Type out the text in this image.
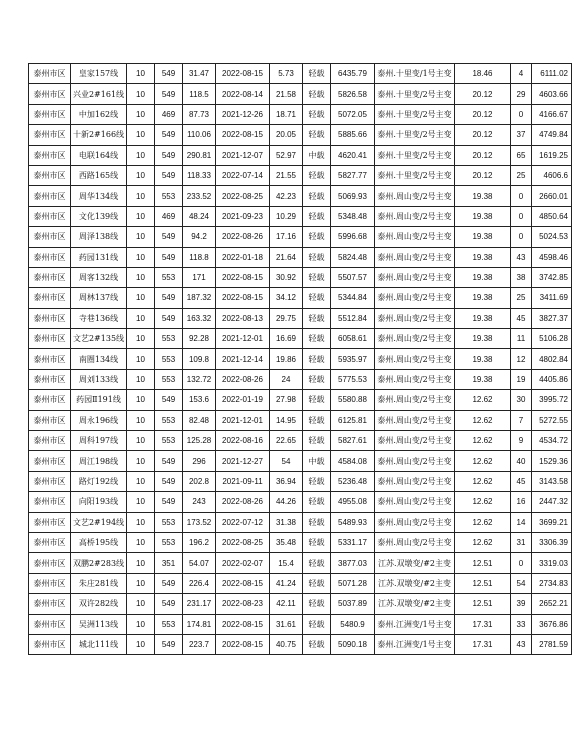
泰州市区	皇家157线	10	549	31.47	2022-08-15	5.73	轻载	6435.79	泰州.十里变/1号主变	18.46	4	6111.02
泰州市区	兴业2#161线	10	549	118.5	2022-08-14	21.58	轻载	5826.58	泰州.十里变/2号主变	20.12	29	4603.66
泰州市区	中加162线	10	469	87.73	2021-12-26	18.71	轻载	5072.05	泰州.十里变/2号主变	20.12	0	4166.67
泰州市区	十新2#166线	10	549	110.06	2022-08-15	20.05	轻载	5885.66	泰州.十里变/2号主变	20.12	37	4749.84
泰州市区	电联164线	10	549	290.81	2021-12-07	52.97	中载	4620.41	泰州.十里变/2号主变	20.12	65	1619.25
泰州市区	西路165线	10	549	118.33	2022-07-14	21.55	轻载	5827.77	泰州.十里变/2号主变	20.12	25	4606.6
泰州市区	周华134线	10	553	233.52	2022-08-25	42.23	轻载	5069.93	泰州.周山变/2号主变	19.38	0	2660.01
泰州市区	文化139线	10	469	48.24	2021-09-23	10.29	轻载	5348.48	泰州.周山变/2号主变	19.38	0	4850.64
泰州市区	周泽138线	10	549	94.2	2022-08-26	17.16	轻载	5996.68	泰州.周山变/2号主变	19.38	0	5024.53
泰州市区	药园131线	10	549	118.8	2022-01-18	21.64	轻载	5824.48	泰州.周山变/2号主变	19.38	43	4598.46
泰州市区	周客132线	10	553	171	2022-08-15	30.92	轻载	5507.57	泰州.周山变/2号主变	19.38	38	3742.85
泰州市区	周林137线	10	549	187.32	2022-08-15	34.12	轻载	5344.84	泰州.周山变/2号主变	19.38	25	3411.69
泰州市区	寺巷136线	10	549	163.32	2022-08-13	29.75	轻载	5512.84	泰州.周山变/2号主变	19.38	45	3827.37
泰州市区	文艺2#135线	10	553	92.28	2021-12-01	16.69	轻载	6058.61	泰州.周山变/2号主变	19.38	11	5106.28
泰州市区	南圈134线	10	553	109.8	2021-12-14	19.86	轻载	5935.97	泰州.周山变/2号主变	19.38	12	4802.84
泰州市区	周刘133线	10	553	132.72	2022-08-26	24	轻载	5775.53	泰州.周山变/2号主变	19.38	19	4405.86
泰州市区	药园Ⅱ191线	10	549	153.6	2022-01-19	27.98	轻载	5580.88	泰州.周山变/2号主变	12.62	30	3995.72
泰州市区	周永196线	10	553	82.48	2021-12-01	14.95	轻载	6125.81	泰州.周山变/2号主变	12.62	7	5272.55
泰州市区	周科197线	10	553	125.28	2022-08-16	22.65	轻载	5827.61	泰州.周山变/2号主变	12.62	9	4534.72
泰州市区	周江198线	10	549	296	2021-12-27	54	中载	4584.08	泰州.周山变/2号主变	12.62	40	1529.36
泰州市区	路灯192线	10	549	202.8	2021-09-11	36.94	轻载	5236.48	泰州.周山变/2号主变	12.62	45	3143.58
泰州市区	向阳193线	10	549	243	2022-08-26	44.26	轻载	4955.08	泰州.周山变/2号主变	12.62	16	2447.32
泰州市区	文艺2#194线	10	553	173.52	2022-07-12	31.38	轻载	5489.93	泰州.周山变/2号主变	12.62	14	3699.21
泰州市区	高桥195线	10	553	196.2	2022-08-25	35.48	轻载	5331.17	泰州.周山变/2号主变	12.62	31	3306.39
泰州市区	双鹏2#283线	10	351	54.07	2022-02-07	15.4	轻载	3877.03	江苏.双墩变/#2主变	12.51	0	3319.03
泰州市区	朱庄281线	10	549	226.4	2022-08-15	41.24	轻载	5071.28	江苏.双墩变/#2主变	12.51	54	2734.83
泰州市区	双许282线	10	549	231.17	2022-08-23	42.11	轻载	5037.89	江苏.双墩变/#2主变	12.51	39	2652.21
泰州市区	吴洲113线	10	553	174.81	2022-08-15	31.61	轻载	5480.9	泰州.江洲变/1号主变	17.31	33	3676.86
泰州市区	城北111线	10	549	223.7	2022-08-15	40.75	轻载	5090.18	泰州.江洲变/1号主变	17.31	43	2781.59
